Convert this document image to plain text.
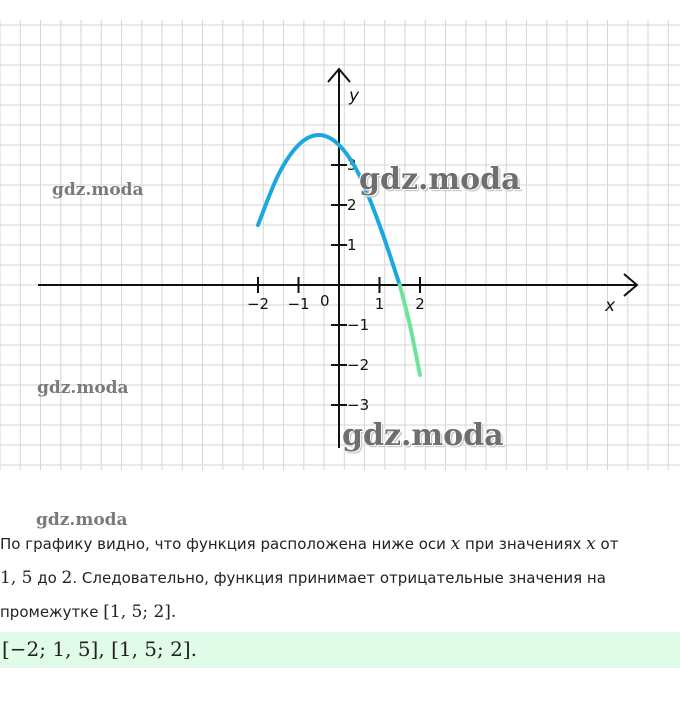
x
y
0
−2 −1	1 2
1
2
3
−1
−2
−3
gdz.moda	gdz.moda
gdz.moda
gdz.moda
gdz.moda
По графику видно, что функция расположена ниже оси x при значениях x от
1, 5 до 2. Следовательно, функция принимает отрицательные значения на
промежутке [1, 5; 2].
[−2; 1, 5], [1, 5; 2].
